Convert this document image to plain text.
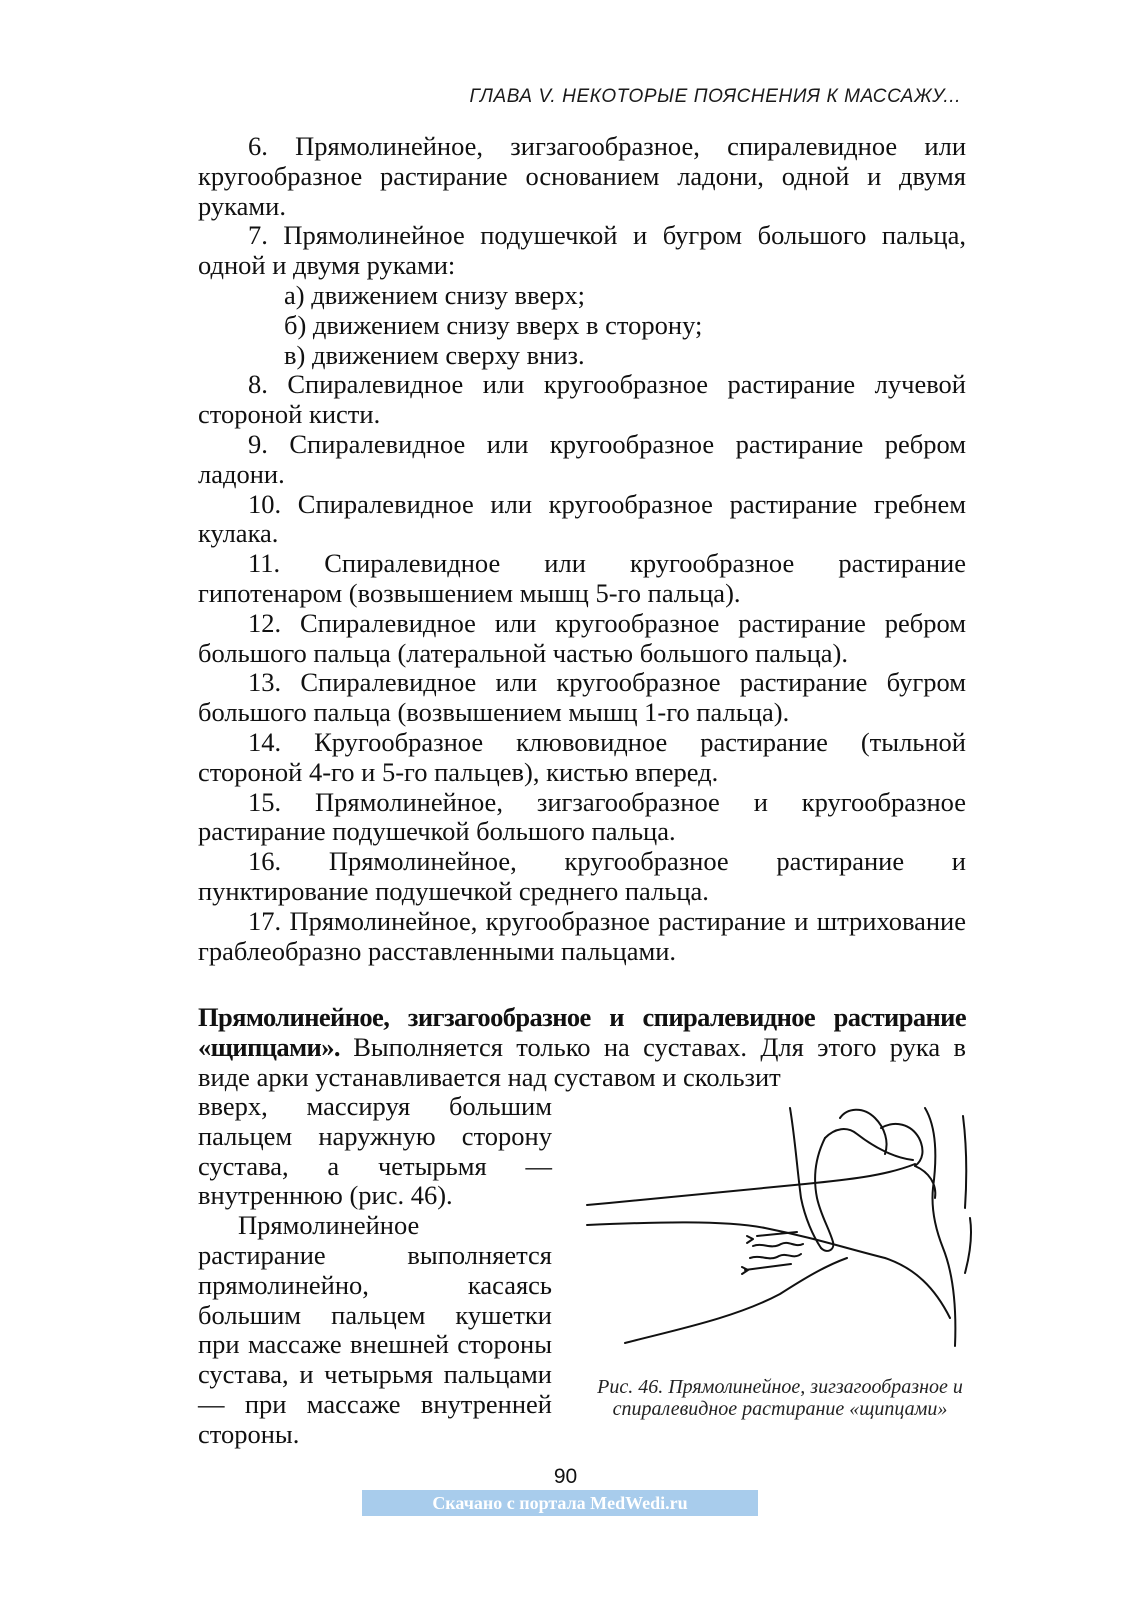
ГЛАВА V. НЕКОТОРЫЕ ПОЯСНЕНИЯ К МАССАЖУ...

6. Прямолинейное, зигзагообразное, спиралевидное или кругообразное растирание основанием ладони, одной и двумя руками.

7. Прямолинейное подушечкой и бугром большого пальца, одной и двумя руками:

а) движением снизу вверх;

б) движением снизу вверх в сторону;

в) движением сверху вниз.

8. Спиралевидное или кругообразное растирание лучевой стороной кисти.

9. Спиралевидное или кругообразное растирание ребром ладони.

10. Спиралевидное или кругообразное растирание гребнем кулака.

11. Спиралевидное или кругообразное растирание гипотенаром (возвышением мышц 5-го пальца).

12. Спиралевидное или кругообразное растирание ребром большого пальца (латеральной частью большого пальца).

13. Спиралевидное или кругообразное растирание бугром большого пальца (возвышением мышц 1-го пальца).

14. Кругообразное клювовидное растирание (тыльной стороной 4-го и 5-го пальцев), кистью вперед.

15. Прямолинейное, зигзагообразное и кругообразное растирание подушечкой большого пальца.

16. Прямолинейное, кругообразное растирание и пунктирование подушечкой среднего пальца.

17. Прямолинейное, кругообразное растирание и штрихование граблеобразно расставленными пальцами.

Прямолинейное, зигзагообразное и спиралевидное растирание «щипцами». Выполняется только на суставах. Для этого рука в виде арки устанавливается над суставом и скользит

вверх, массируя большим пальцем наружную сторону сустава, а четырьмя — внутреннюю (рис. 46).

Прямолинейное растирание выполняется прямолинейно, касаясь большим пальцем кушетки при массаже внешней стороны сустава, и четырьмя пальцами — при массаже внутренней стороны.

Рис. 46. Прямолинейное, зигзагообразное и спиралевидное растирание «щипцами»
90
Скачано с портала MedWedi.ru
